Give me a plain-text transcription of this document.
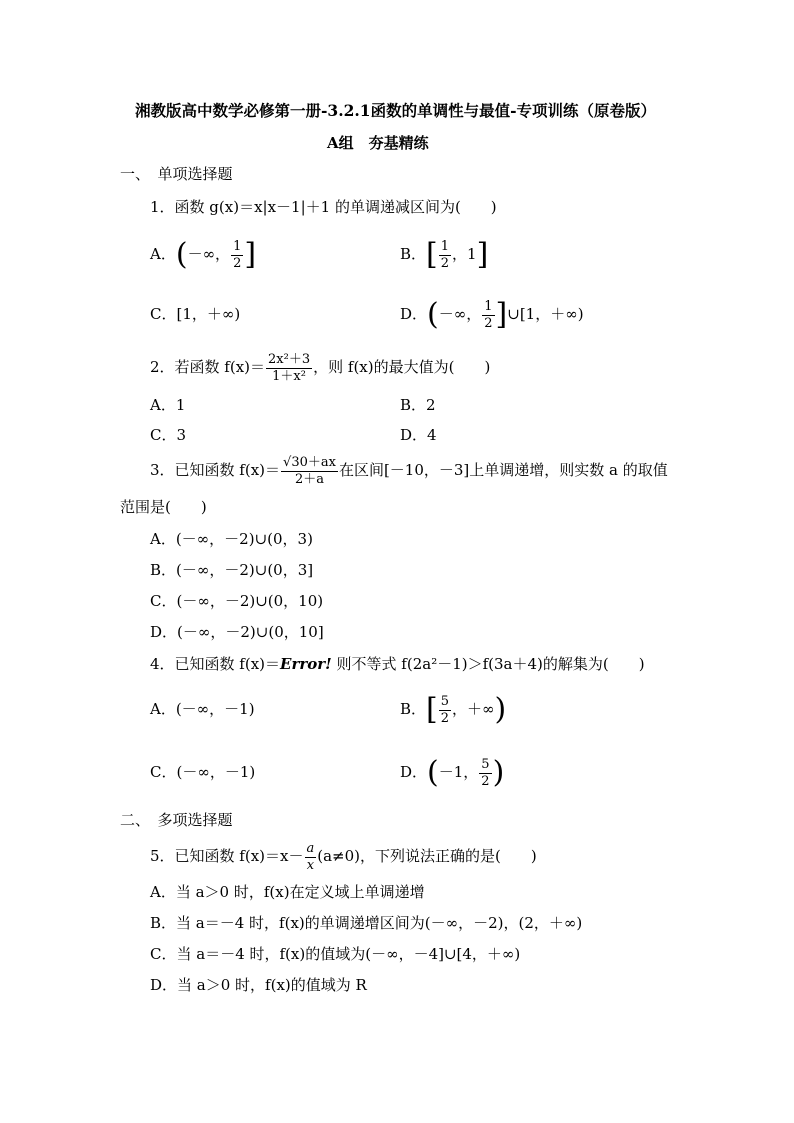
湘教版高中数学必修第一册-3.2.1函数的单调性与最值-专项训练（原卷版）
A组　夯基精练
一、　单项选择题
1．函数 g(x)＝x|x－1|＋1 的单调递减区间为(　　)
A．(－∞， $\frac{1}{2}$ ]	B．[ $\frac{1}{2}$ ，1]
C．[1，＋∞)	D．(－∞， $\frac{1}{2}$ ]∪[1，＋∞)
2．若函数 $f(x)= \frac{\text{2x²＋3}}{\text{1＋x²}}$ ，则 f(x)的最大值为(　　)
A．1	B．2
C．3	D．4
3．已知函数 $f(x)= \frac{√30+ax}{2+a}$ 在区间[－10，－3]上单调递增，则实数 a 的取值
范围是(　　)
A．(－∞，－2)∪(0，3)
B．(－∞，－2)∪(0，3]
C．(－∞，－2)∪(0，10)
D．(－∞，－2)∪(0，10]
4．已知函数 f(x)＝Error! 则不等式 f(2a²－1)＞f(3a＋4)的解集为(　　)
A．(－∞，－1)	B．[ $\frac{5}{2}$ ，＋∞)
C．(－∞，－1)	D．(－1， $\frac{5}{2}$ )
二、　多项选择题
5．已知函数 $f(x)=x- \frac{a}{x} (a\ne 0)$，下列说法正确的是(　　)
A．当 a＞0 时，f(x)在定义域上单调递增
B．当 a＝－4 时，f(x)的单调递增区间为(－∞，－2)，(2，＋∞)
C．当 a＝－4 时，f(x)的值域为(－∞，－4]∪[4，＋∞)
D．当 a＞0 时，f(x)的值域为 R
